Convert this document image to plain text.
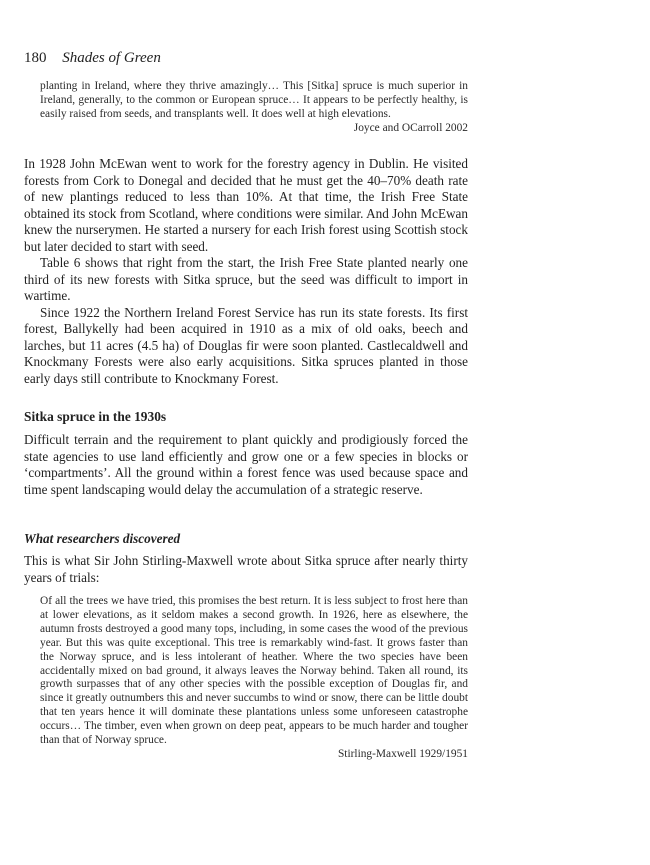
180 Shades of Green

planting in Ireland, where they thrive amazingly… This [Sitka] spruce is much superior in Ireland, generally, to the common or European spruce… It appears to be perfectly healthy, is easily raised from seeds, and transplants well. It does well at high elevations.

Joyce and OCarroll 2002

In 1928 John McEwan went to work for the forestry agency in Dublin. He visited forests from Cork to Donegal and decided that he must get the 40–70% death rate of new plantings reduced to less than 10%. At that time, the Irish Free State obtained its stock from Scotland, where conditions were similar. And John McEwan knew the nurserymen. He started a nursery for each Irish forest using Scottish stock but later decided to start with seed.

Table 6 shows that right from the start, the Irish Free State planted nearly one third of its new forests with Sitka spruce, but the seed was difficult to import in wartime.

Since 1922 the Northern Ireland Forest Service has run its state forests. Its first forest, Ballykelly had been acquired in 1910 as a mix of old oaks, beech and larches, but 11 acres (4.5 ha) of Douglas fir were soon planted. Castlecaldwell and Knockmany Forests were also early acquisitions. Sitka spruces planted in those early days still contribute to Knockmany Forest.

Sitka spruce in the 1930s
Difficult terrain and the requirement to plant quickly and prodigiously forced the state agencies to use land efficiently and grow one or a few species in blocks or ‘compartments’. All the ground within a forest fence was used because space and time spent landscaping would delay the accumulation of a strategic reserve.
What researchers discovered
This is what Sir John Stirling-Maxwell wrote about Sitka spruce after nearly thirty years of trials:

Of all the trees we have tried, this promises the best return. It is less subject to frost here than at lower elevations, as it seldom makes a second growth. In 1926, here as elsewhere, the autumn frosts destroyed a good many tops, including, in some cases the wood of the previous year. But this was quite exceptional. This tree is remarkably wind-fast. It grows faster than the Norway spruce, and is less intolerant of heather. Where the two species have been accidentally mixed on bad ground, it always leaves the Norway behind. Taken all round, its growth surpasses that of any other species with the possible exception of Douglas fir, and since it greatly outnumbers this and never succumbs to wind or snow, there can be little doubt that ten years hence it will dominate these plantations unless some unforeseen catastrophe occurs… The timber, even when grown on deep peat, appears to be much harder and tougher than that of Norway spruce.

Stirling-Maxwell 1929/1951
